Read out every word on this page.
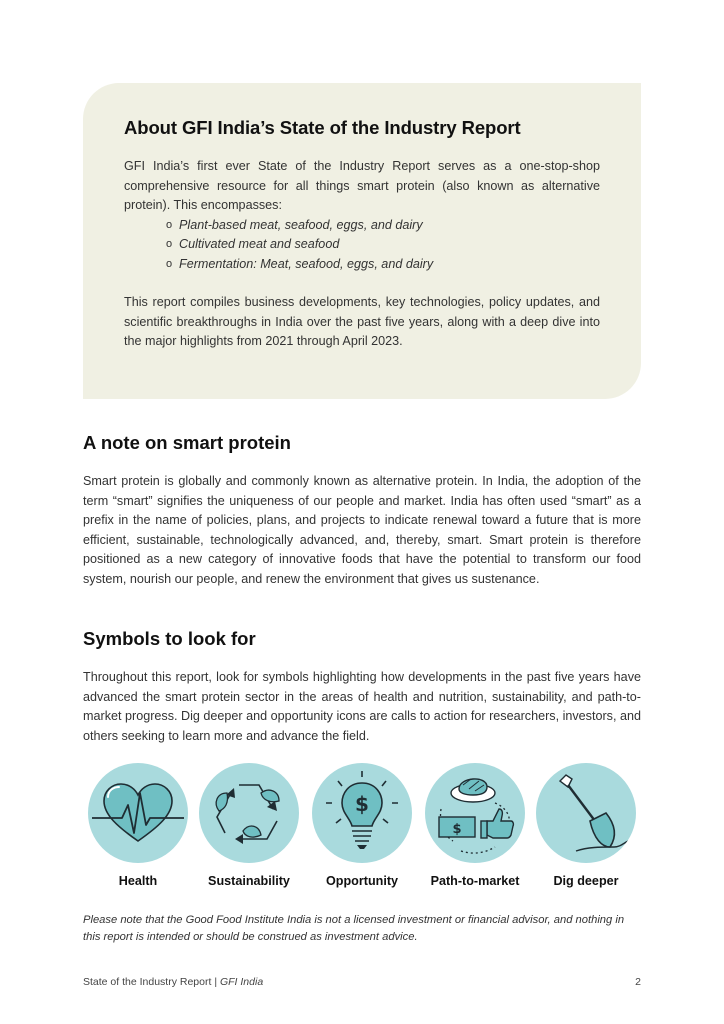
About GFI India’s State of the Industry Report

GFI India’s first ever State of the Industry Report serves as a one-stop-shop comprehensive resource for all things smart protein (also known as alternative protein). This encompasses:

o Plant-based meat, seafood, eggs, and dairy
o Cultivated meat and seafood
o Fermentation: Meat, seafood, eggs, and dairy

This report compiles business developments, key technologies, policy updates, and scientific breakthroughs in India over the past five years, along with a deep dive into the major highlights from 2021 through April 2023.

A note on smart protein

Smart protein is globally and commonly known as alternative protein. In India, the adoption of the term “smart” signifies the uniqueness of our people and market. India has often used “smart” as a prefix in the name of policies, plans, and projects to indicate renewal toward a future that is more efficient, sustainable, technologically advanced, and, thereby, smart. Smart protein is therefore positioned as a new category of innovative foods that have the potential to transform our food system, nourish our people, and renew the environment that gives us sustenance.

Symbols to look for

Throughout this report, look for symbols highlighting how developments in the past five years have advanced the smart protein sector in the areas of health and nutrition, sustainability, and path-to-market progress. Dig deeper and opportunity icons are calls to action for researchers, investors, and others seeking to learn more and advance the field.

Health	Sustainability
$
Opportunity
$
Path-to-market	Dig deeper

Please note that the Good Food Institute India is not a licensed investment or financial advisor, and nothing in this report is intended or should be construed as investment advice.

State of the Industry Report | GFI India	2
